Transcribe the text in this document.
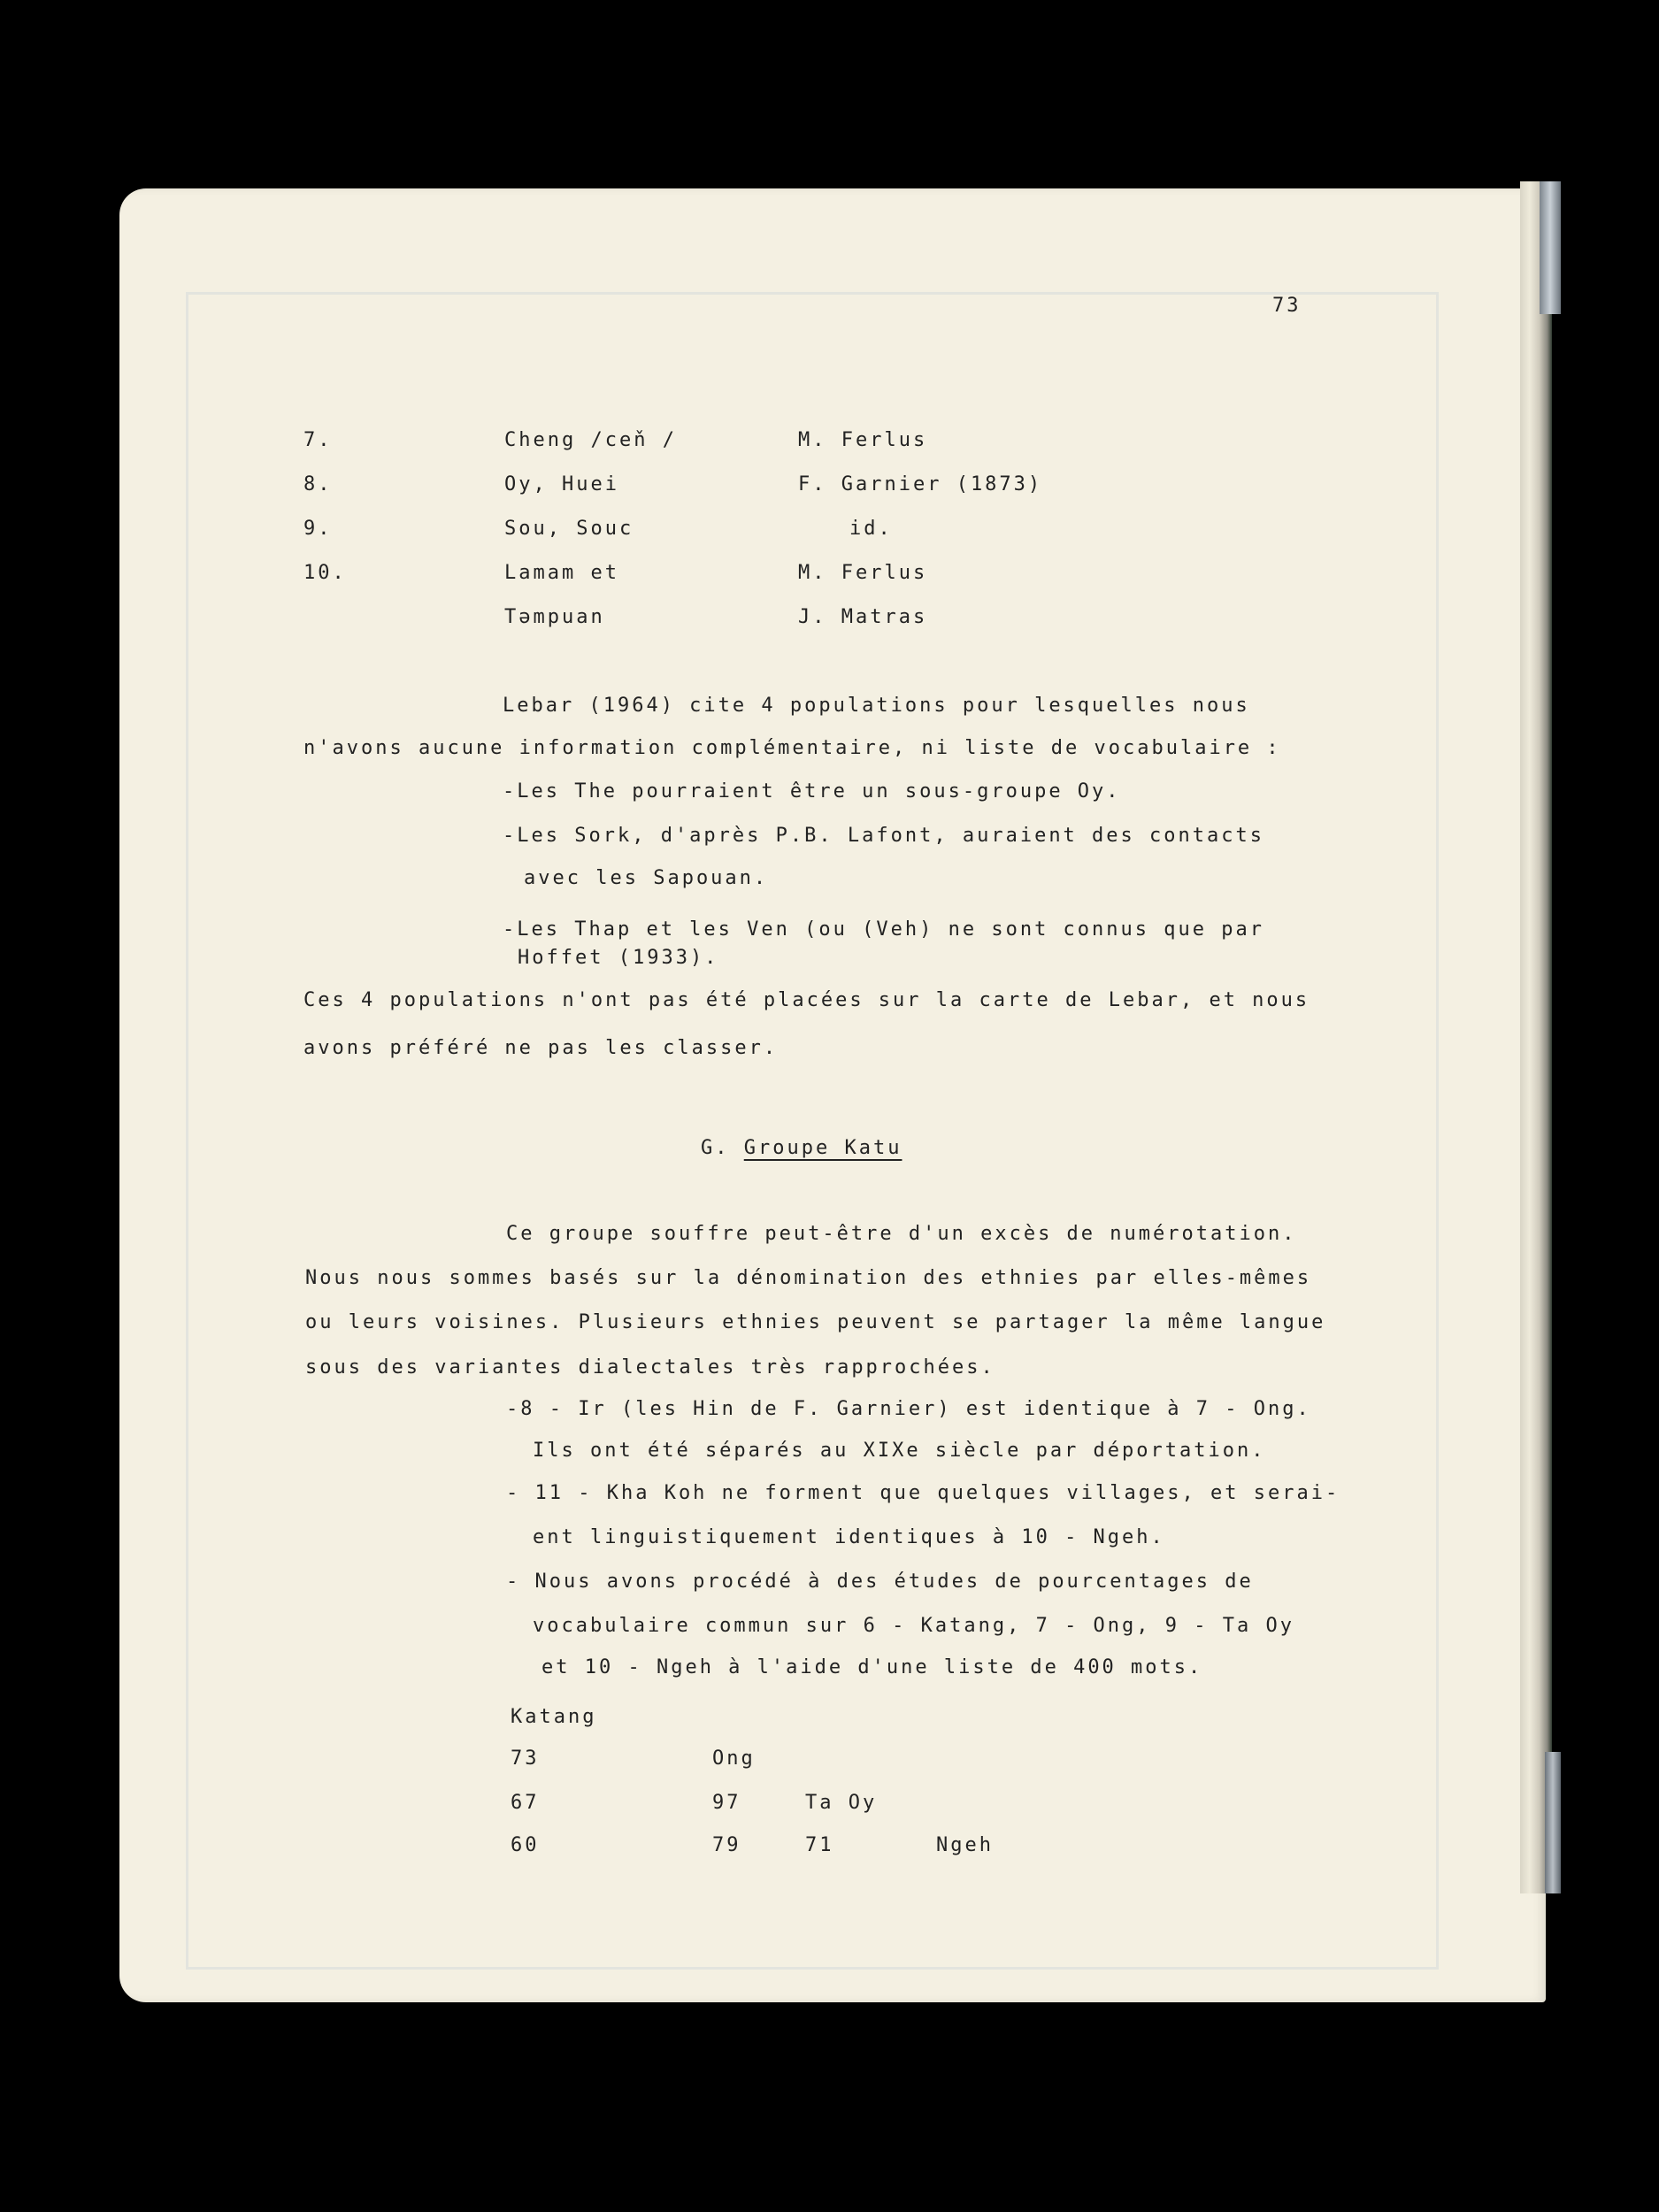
73
7.	Cheng /ceň /	M. Ferlus
8.	Oy, Huei	F. Garnier (1873)
9.	Sou, Souc	id.
10.	Lamam et	M. Ferlus
Təmpuan	J. Matras
Lebar (1964) cite 4 populations pour lesquelles nous
n'avons aucune information complémentaire, ni liste de vocabulaire :
-Les The pourraient être un sous-groupe Oy.
-Les Sork, d'après P.B. Lafont, auraient des contacts
avec les Sapouan.
-Les Thap et les Ven (ou (Veh) ne sont connus que par
Hoffet (1933).
Ces 4 populations n'ont pas été placées sur la carte de Lebar, et nous
avons préféré ne pas les classer.
G. Groupe Katu
Ce groupe souffre peut-être d'un excès de numérotation.
Nous nous sommes basés sur la dénomination des ethnies par elles-mêmes
ou leurs voisines. Plusieurs ethnies peuvent se partager la même langue
sous des variantes dialectales très rapprochées.
-8 - Ir (les Hin de F. Garnier) est identique à 7 - Ong.
Ils ont été séparés au XIXe siècle par déportation.
- 11 - Kha Koh ne forment que quelques villages, et serai-
ent linguistiquement identiques à 10 - Ngeh.
- Nous avons procédé à des études de pourcentages de
vocabulaire commun sur 6 - Katang, 7 - Ong, 9 - Ta Oy
et 10 - Ngeh à l'aide d'une liste de 400 mots.
Katang
73	Ong
67	97	Ta Oy
60	79	71	Ngeh
